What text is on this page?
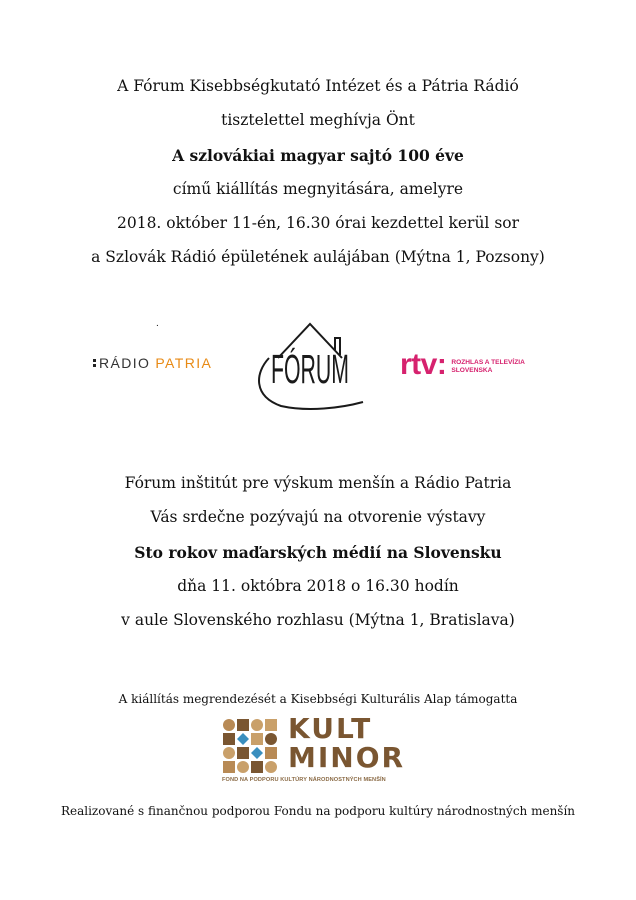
A Fórum Kisebbségkutató Intézet és a Pátria Rádió
tisztelettel meghívja Önt
A szlovákiai magyar sajtó 100 éve
című kiállítás megnyitására, amelyre
2018. október 11-én, 16.30 órai kezdettel kerül sor
a Szlovák Rádió épületének aulájában (Mýtna 1, Pozsony)
.
RÁDIO PATRIA FÓRUM rtv: ROZHLAS A TELEVÍZIA
SLOVENSKA
Fórum inštitút pre výskum menšín a Rádio Patria
Vás srdečne pozývajú na otvorenie výstavy
Sto rokov maďarských médií na Slovensku
dňa 11. októbra 2018 o 16.30 hodín
v aule Slovenského rozhlasu (Mýtna 1, Bratislava)
A kiállítás megrendezését a Kisebbségi Kulturális Alap támogatta
KULT
MINOR
FOND NA PODPORU KULTÚRY NÁRODNOSTNÝCH MENŠÍN
Realizované s finančnou podporou Fondu na podporu kultúry národnostných menšín
